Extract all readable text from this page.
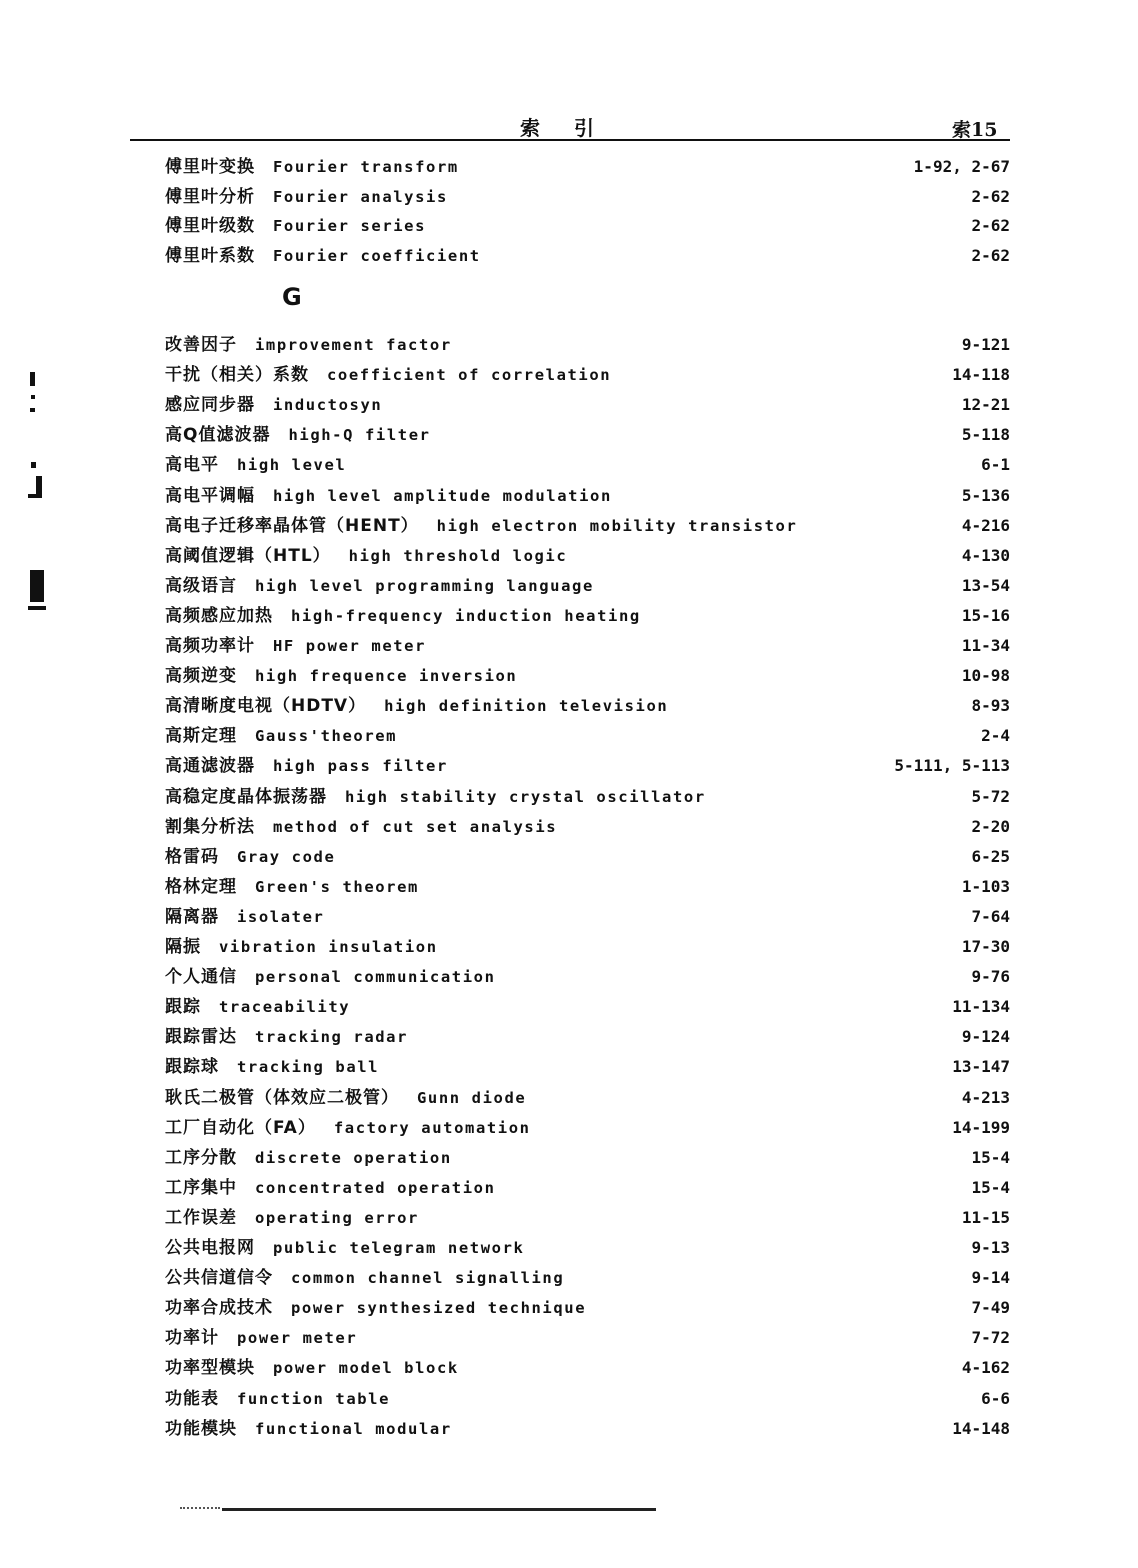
索引	索15
傅里叶变换 Fourier transform	1-92, 2-67
傅里叶分析 Fourier analysis	2-62
傅里叶级数 Fourier series	2-62
傅里叶系数 Fourier coefficient	2-62
改善因子 improvement factor	9-121
干扰（相关）系数 coefficient of correlation	14-118
感应同步器 inductosyn	12-21
高Q值滤波器 high-Q filter	5-118
高电平 high level	6-1
高电平调幅 high level amplitude modulation	5-136
高电子迁移率晶体管（HENT） high electron mobility transistor	4-216
高阈值逻辑（HTL） high threshold logic	4-130
高级语言 high level programming language	13-54
高频感应加热 high-frequency induction heating	15-16
高频功率计 HF power meter	11-34
高频逆变 high frequence inversion	10-98
高清晰度电视（HDTV） high definition television	8-93
高斯定理 Gauss'theorem	2-4
高通滤波器 high pass filter	5-111, 5-113
高稳定度晶体振荡器 high stability crystal oscillator	5-72
割集分析法 method of cut set analysis	2-20
格雷码 Gray code	6-25
格林定理 Green's theorem	1-103
隔离器 isolater	7-64
隔振 vibration insulation	17-30
个人通信 personal communication	9-76
跟踪 traceability	11-134
跟踪雷达 tracking radar	9-124
跟踪球 tracking ball	13-147
耿氏二极管（体效应二极管） Gunn diode	4-213
工厂自动化（FA） factory automation	14-199
工序分散 discrete operation	15-4
工序集中 concentrated operation	15-4
工作误差 operating error	11-15
公共电报网 public telegram network	9-13
公共信道信令 common channel signalling	9-14
功率合成技术 power synthesized technique	7-49
功率计 power meter	7-72
功率型模块 power model block	4-162
功能表 function table	6-6
功能模块 functional modular	14-148
G
